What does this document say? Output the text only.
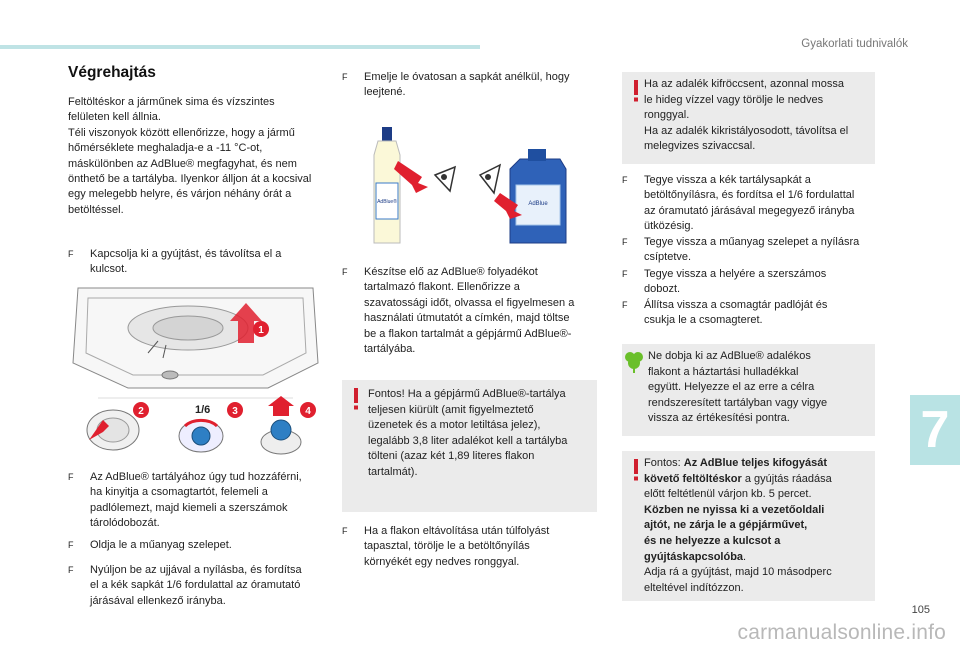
Gyakorlati tudnivalók
7
105
carmanualsonline.info
Végrehajtás
Feltöltéskor a járműnek sima és vízszintes
felületen kell állnia.
Téli viszonyok között ellenőrizze, hogy a jármű
hőmérséklete meghaladja-e a -11 °C-ot,
máskülönben az AdBlue® megfagyhat, és nem
önthető be a tartályba. Ilyenkor álljon át a kocsival
egy melegebb helyre, és várjon néhány órát a
betöltéssel.
F Kapcsolja ki a gyújtást, és távolítsa el a
kulcsot.
1
2	1/6 3	4
F Az AdBlue® tartályához úgy tud hozzáférni,
ha kinyitja a csomagtartót, felemeli a
padlólemezt, majd kiemeli a szerszámok
tárolódobozát.
F Oldja le a műanyag szelepet.
F Nyúljon be az ujjával a nyílásba, és fordítsa
el a kék sapkát 1/6 fordulattal az óramutató
járásával ellenkező irányba.
F Emelje le óvatosan a sapkát anélkül, hogy
leejtené.
AdBlue®	AdBlue
F Készítse elő az AdBlue® folyadékot
tartalmazó flakont. Ellenőrizze a
szavatossági időt, olvassa el figyelmesen a
használati útmutatót a címkén, majd töltse
be a flakon tartalmát a gépjármű AdBlue®-
tartályába.
Fontos! Ha a gépjármű AdBlue®-tartálya
teljesen kiürült (amit figyelmeztető
üzenetek és a motor letiltása jelez),
legalább 3,8 liter adalékot kell a tartályba
tölteni (azaz két 1,89 literes flakon
tartalmát).
F Ha a flakon eltávolítása után túlfolyást
tapasztal, törölje le a betöltőnyílás
környékét egy nedves ronggyal.
Ha az adalék kifröccsent, azonnal mossa
le hideg vízzel vagy törölje le nedves
ronggyal.
Ha az adalék kikristályosodott, távolítsa el
melegvizes szivaccsal.
F Tegye vissza a kék tartálysapkát a
betöltőnyílásra, és fordítsa el 1/6 fordulattal
az óramutató járásával megegyező irányba
ütközésig.
F Tegye vissza a műanyag szelepet a nyílásra
csíptetve.
F Tegye vissza a helyére a szerszámos
dobozt.
F Állítsa vissza a csomagtár padlóját és
csukja le a csomagteret.
Ne dobja ki az AdBlue® adalékos
flakont a háztartási hulladékkal
együtt. Helyezze el az erre a célra
rendszeresített tartályban vagy vigye
vissza az értékesítési pontra.
Fontos: Az AdBlue teljes kifogyását
követő feltöltéskor a gyújtás ráadása
előtt feltétlenül várjon kb. 5 percet.
Közben ne nyissa ki a vezetőoldali
ajtót, ne zárja le a gépjárművet,
és ne helyezze a kulcsot a
gyújtáskapcsolóba.
Adja rá a gyújtást, majd 10 másodperc
elteltével indítózzon.
